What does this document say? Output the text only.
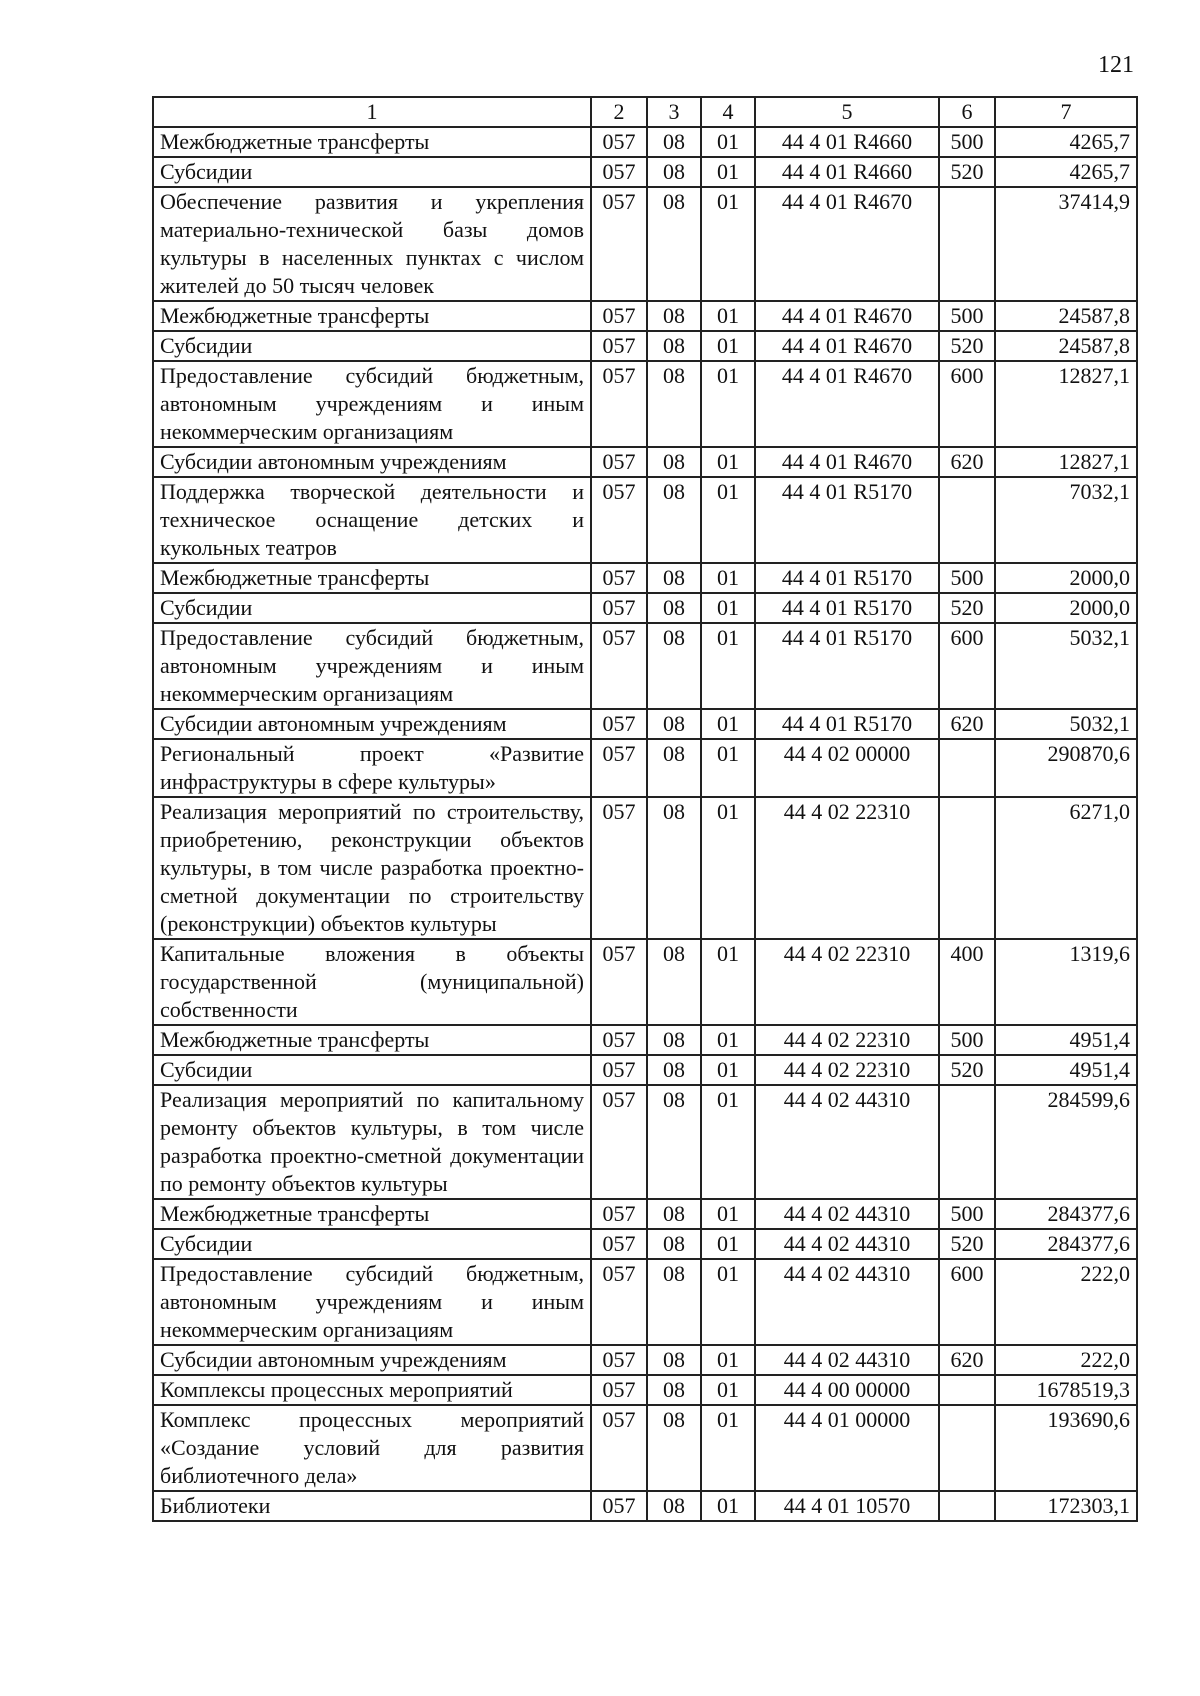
121
1	2	3	4	5	6	7
Межбюджетные трансферты	057	08	01	44 4 01 R4660	500	4265,7
Субсидии	057	08	01	44 4 01 R4660	520	4265,7
Обеспечение развития и укрепления материально-технической базы домов культуры в населенных пунктах с числом жителей до 50 тысяч человек	057	08	01	44 4 01 R4670		37414,9
Межбюджетные трансферты	057	08	01	44 4 01 R4670	500	24587,8
Субсидии	057	08	01	44 4 01 R4670	520	24587,8
Предоставление субсидий бюджетным, автономным учреждениям и иным некоммерческим организациям	057	08	01	44 4 01 R4670	600	12827,1
Субсидии автономным учреждениям	057	08	01	44 4 01 R4670	620	12827,1
Поддержка творческой деятельности и техническое оснащение детских и кукольных театров	057	08	01	44 4 01 R5170		7032,1
Межбюджетные трансферты	057	08	01	44 4 01 R5170	500	2000,0
Субсидии	057	08	01	44 4 01 R5170	520	2000,0
Предоставление субсидий бюджетным, автономным учреждениям и иным некоммерческим организациям	057	08	01	44 4 01 R5170	600	5032,1
Субсидии автономным учреждениям	057	08	01	44 4 01 R5170	620	5032,1
Региональный проект «Развитие инфраструктуры в сфере культуры»	057	08	01	44 4 02 00000		290870,6
Реализация мероприятий по строительству, приобретению, реконструкции объектов культуры, в том числе разработка проектно-сметной документации по строительству (реконструкции) объектов культуры	057	08	01	44 4 02 22310		6271,0
Капитальные вложения в объекты государственной (муниципальной) собственности	057	08	01	44 4 02 22310	400	1319,6
Межбюджетные трансферты	057	08	01	44 4 02 22310	500	4951,4
Субсидии	057	08	01	44 4 02 22310	520	4951,4
Реализация мероприятий по капитальному ремонту объектов культуры, в том числе разработка проектно-сметной документации по ремонту объектов культуры	057	08	01	44 4 02 44310		284599,6
Межбюджетные трансферты	057	08	01	44 4 02 44310	500	284377,6
Субсидии	057	08	01	44 4 02 44310	520	284377,6
Предоставление субсидий бюджетным, автономным учреждениям и иным некоммерческим организациям	057	08	01	44 4 02 44310	600	222,0
Субсидии автономным учреждениям	057	08	01	44 4 02 44310	620	222,0
Комплексы процессных мероприятий	057	08	01	44 4 00 00000		1678519,3
Комплекс процессных мероприятий «Создание условий для развития библиотечного дела»	057	08	01	44 4 01 00000		193690,6
Библиотеки	057	08	01	44 4 01 10570		172303,1
